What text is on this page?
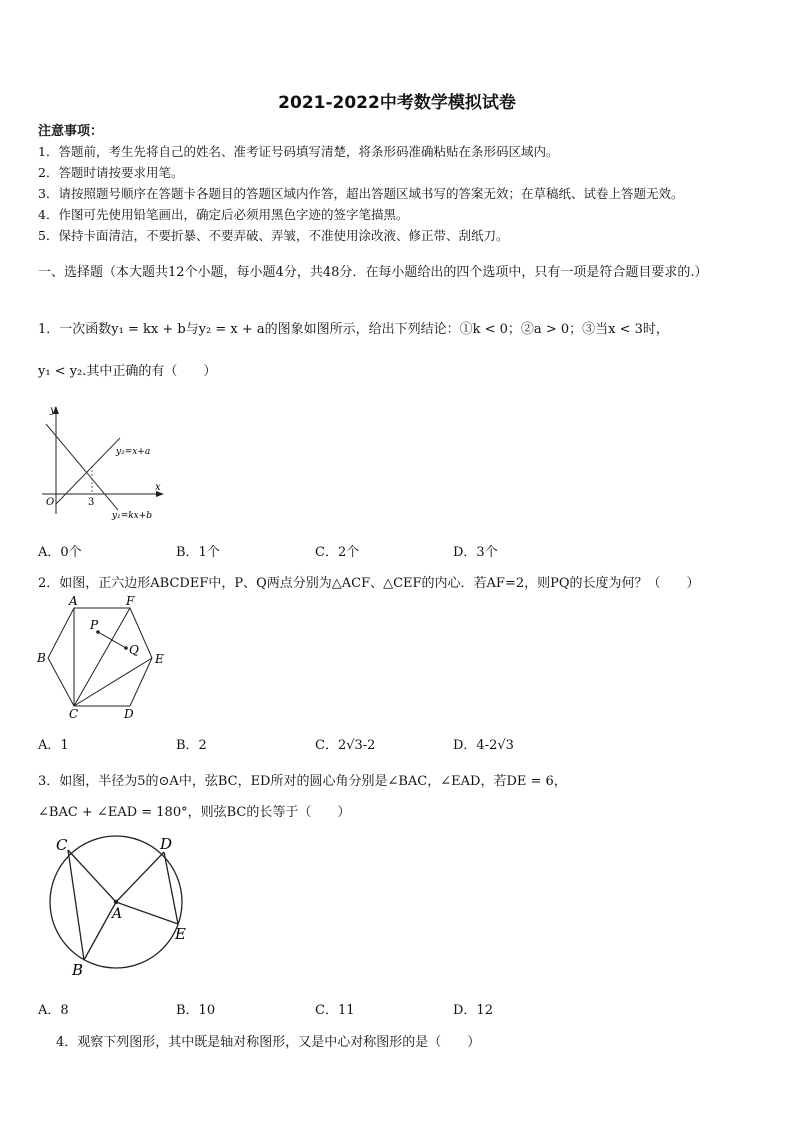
2021-2022中考数学模拟试卷
注意事项：
1．答题前，考生先将自己的姓名、准考证号码填写清楚，将条形码准确粘贴在条形码区域内。
2．答题时请按要求用笔。
3．请按照题号顺序在答题卡各题目的答题区域内作答，超出答题区域书写的答案无效；在草稿纸、试卷上答题无效。
4．作图可先使用铅笔画出，确定后必须用黑色字迹的签字笔描黑。
5．保持卡面清洁，不要折暴、不要弄破、弄皱，不准使用涂改液、修正带、刮纸刀。
一、选择题（本大题共12个小题，每小题4分，共48分．在每小题给出的四个选项中，只有一项是符合题目要求的.）
1．一次函数y₁ = kx + b与y₂ = x + a的图象如图所示，给出下列结论：①k < 0；②a > 0；③当x < 3时，
y₁ < y₂.其中正确的有（　　）
y
x
O	3
y₂=x+a
y₁=kx+b
A．0个	B．1个	C．2个	D．3个
2．如图，正六边形ABCDEF中，P、Q两点分别为△ACF、△CEF的内心．若AF=2，则PQ的长度为何？（　　）
A	F
B	E
C	D
P
Q
A．1	B．2	C．2√3-2	D．4-2√3
3．如图，半径为5的⊙A中，弦BC，ED所对的圆心角分别是∠BAC，∠EAD，若DE = 6，
∠BAC + ∠EAD = 180°，则弦BC的长等于（　　）
C	D
A
E
B
A．8	B．10	C．11	D．12
4．观察下列图形，其中既是轴对称图形，又是中心对称图形的是（　　）
